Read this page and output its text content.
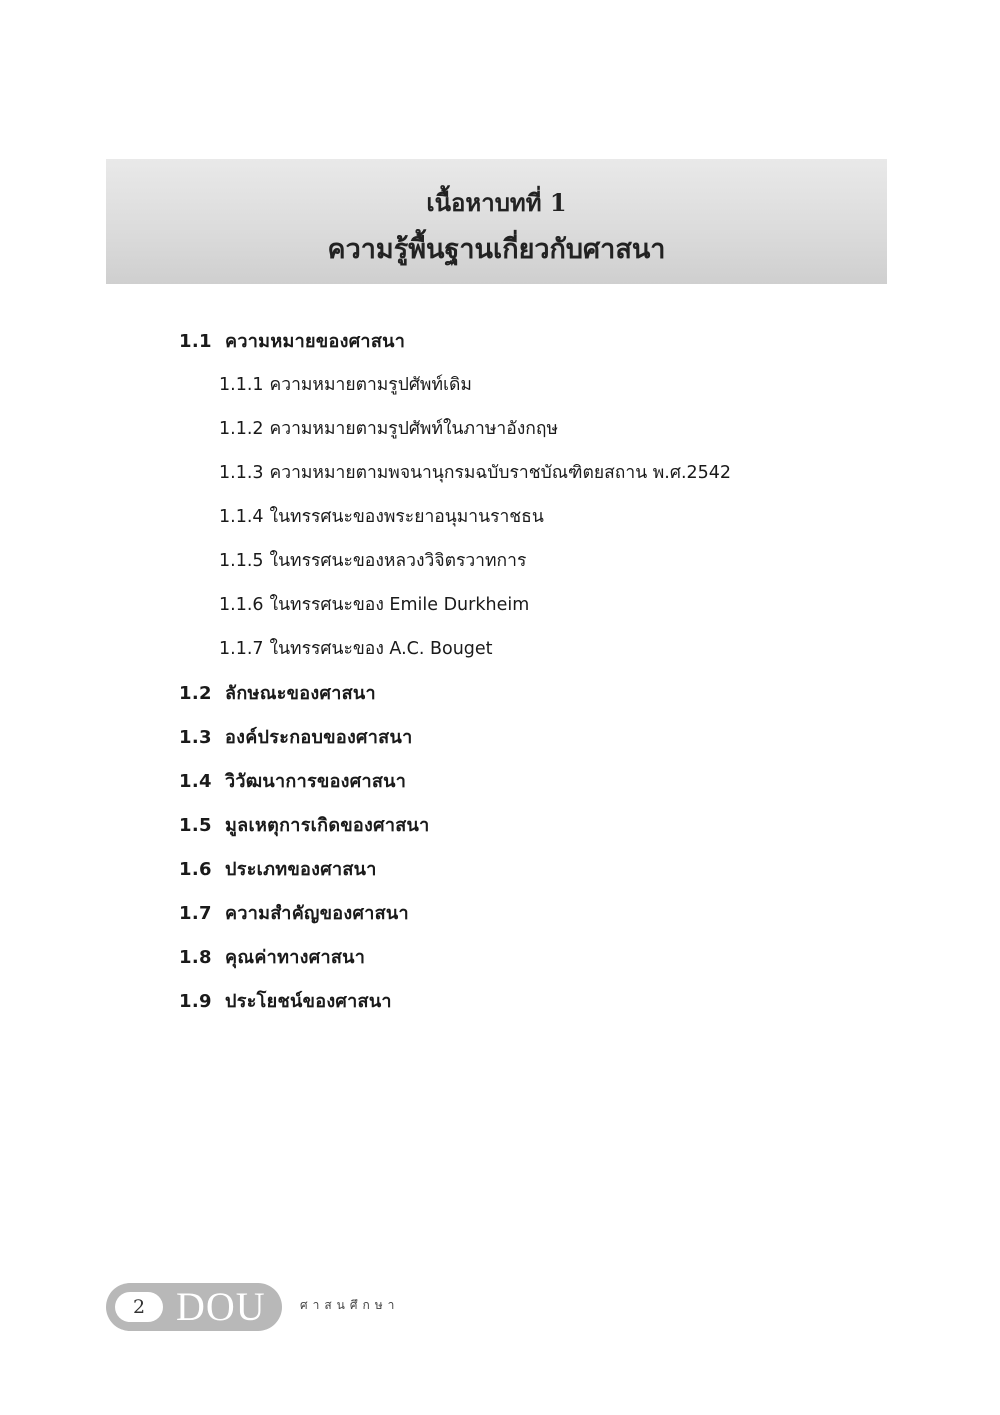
เนื้อหาบทที่ 1
ความรู้พื้นฐานเกี่ยวกับศาสนา
1.1 ความหมายของศาสนา
1.1.1 ความหมายตามรูปศัพท์เดิม
1.1.2 ความหมายตามรูปศัพท์ในภาษาอังกฤษ
1.1.3 ความหมายตามพจนานุกรมฉบับราชบัณฑิตยสถาน พ.ศ.2542
1.1.4 ในทรรศนะของพระยาอนุมานราชธน
1.1.5 ในทรรศนะของหลวงวิจิตรวาทการ
1.1.6 ในทรรศนะของ Emile Durkheim
1.1.7 ในทรรศนะของ A.C. Bouget
1.2 ลักษณะของศาสนา
1.3 องค์ประกอบของศาสนา
1.4 วิวัฒนาการของศาสนา
1.5 มูลเหตุการเกิดของศาสนา
1.6 ประเภทของศาสนา
1.7 ความสำคัญของศาสนา
1.8 คุณค่าทางศาสนา
1.9 ประโยชน์ของศาสนา
2 DOU	ศาสนศึกษา
